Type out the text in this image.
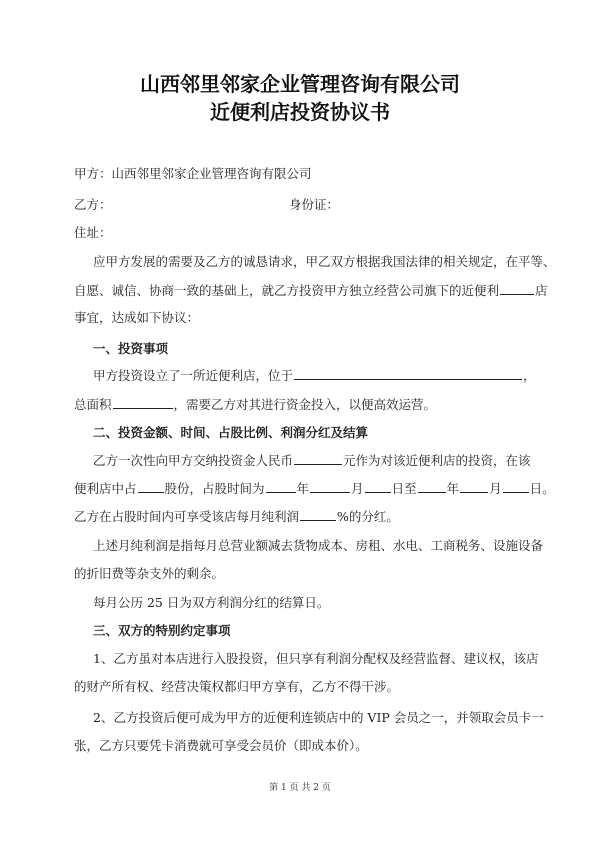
山西邻里邻家企业管理咨询有限公司
近便利店投资协议书
甲方：山西邻里邻家企业管理咨询有限公司
乙方：	身份证：
住址：
应甲方发展的需要及乙方的诚恳请求，甲乙双方根据我国法律的相关规定，在平等、
自愿、诚信、协商一致的基础上，就乙方投资甲方独立经营公司旗下的近便利	店
事宜，达成如下协议：
一、投资事项
甲方投资设立了一所近便利店，位于	，
总面积	，需要乙方对其进行资金投入，以便高效运营。
二、投资金额、时间、占股比例、利润分红及结算
乙方一次性向甲方交纳投资金人民币	元作为对该近便利店的投资，在该
便利店中占 股份，占股时间为	年	月 日至 年 月 日。
乙方在占股时间内可享受该店每月纯利润	%的分红。
上述月纯利润是指每月总营业额减去货物成本、房租、水电、工商税务、设施设备
的折旧费等杂支外的剩余。
每月公历 25 日为双方利润分红的结算日。
三、双方的特别约定事项
1、乙方虽对本店进行入股投资，但只享有利润分配权及经营监督、建议权，该店
的财产所有权、经营决策权都归甲方享有，乙方不得干涉。
2、乙方投资后便可成为甲方的近便利连锁店中的 VIP 会员之一，并领取会员卡一
张，乙方只要凭卡消费就可享受会员价（即成本价）。
第 1 页 共 2 页
